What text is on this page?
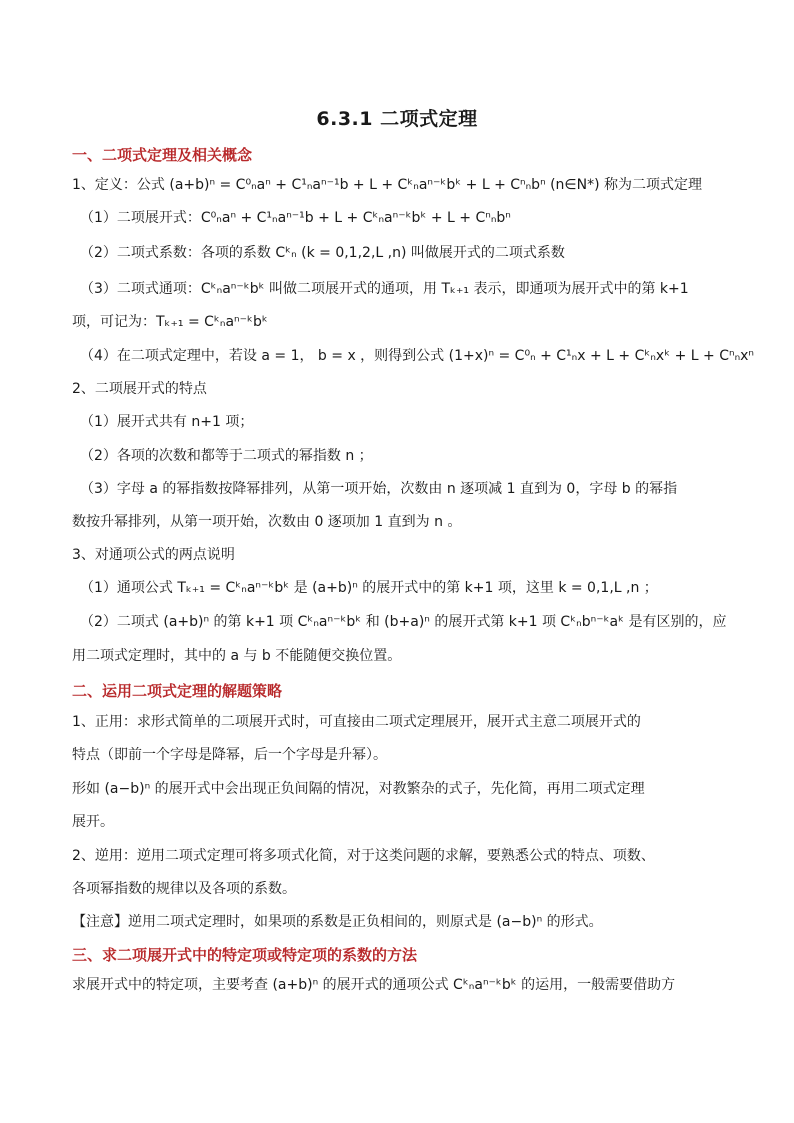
6.3.1 二项式定理
一、二项式定理及相关概念
1、定义：公式 (a+b)ⁿ = C⁰ₙaⁿ + C¹ₙaⁿ⁻¹b + L + Cᵏₙaⁿ⁻ᵏbᵏ + L + Cⁿₙbⁿ (n∈N*) 称为二项式定理
（1）二项展开式：C⁰ₙaⁿ + C¹ₙaⁿ⁻¹b + L + Cᵏₙaⁿ⁻ᵏbᵏ + L + Cⁿₙbⁿ
（2）二项式系数：各项的系数 Cᵏₙ (k = 0,1,2,L ,n) 叫做展开式的二项式系数
（3）二项式通项：Cᵏₙaⁿ⁻ᵏbᵏ 叫做二项展开式的通项，用 Tₖ₊₁ 表示，即通项为展开式中的第 k+1
项，可记为：Tₖ₊₁ = Cᵏₙaⁿ⁻ᵏbᵏ
（4）在二项式定理中，若设 a = 1， b = x ，则得到公式 (1+x)ⁿ = C⁰ₙ + C¹ₙx + L + Cᵏₙxᵏ + L + Cⁿₙxⁿ
2、二项展开式的特点
（1）展开式共有 n+1 项；
（2）各项的次数和都等于二项式的幂指数 n ；
（3）字母 a 的幂指数按降幂排列，从第一项开始，次数由 n 逐项减 1 直到为 0，字母 b 的幂指
数按升幂排列，从第一项开始，次数由 0 逐项加 1 直到为 n 。
3、对通项公式的两点说明
（1）通项公式 Tₖ₊₁ = Cᵏₙaⁿ⁻ᵏbᵏ 是 (a+b)ⁿ 的展开式中的第 k+1 项，这里 k = 0,1,L ,n ；
（2）二项式 (a+b)ⁿ 的第 k+1 项 Cᵏₙaⁿ⁻ᵏbᵏ 和 (b+a)ⁿ 的展开式第 k+1 项 Cᵏₙbⁿ⁻ᵏaᵏ 是有区别的，应
用二项式定理时，其中的 a 与 b 不能随便交换位置。
二、运用二项式定理的解题策略
1、正用：求形式简单的二项展开式时，可直接由二项式定理展开，展开式主意二项展开式的
特点（即前一个字母是降幂，后一个字母是升幂）。
形如 (a−b)ⁿ 的展开式中会出现正负间隔的情况，对教繁杂的式子，先化简，再用二项式定理
展开。
2、逆用：逆用二项式定理可将多项式化简，对于这类问题的求解，要熟悉公式的特点、项数、
各项幂指数的规律以及各项的系数。
【注意】逆用二项式定理时，如果项的系数是正负相间的，则原式是 (a−b)ⁿ 的形式。
三、求二项展开式中的特定项或特定项的系数的方法
求展开式中的特定项，主要考查 (a+b)ⁿ 的展开式的通项公式 Cᵏₙaⁿ⁻ᵏbᵏ 的运用，一般需要借助方
